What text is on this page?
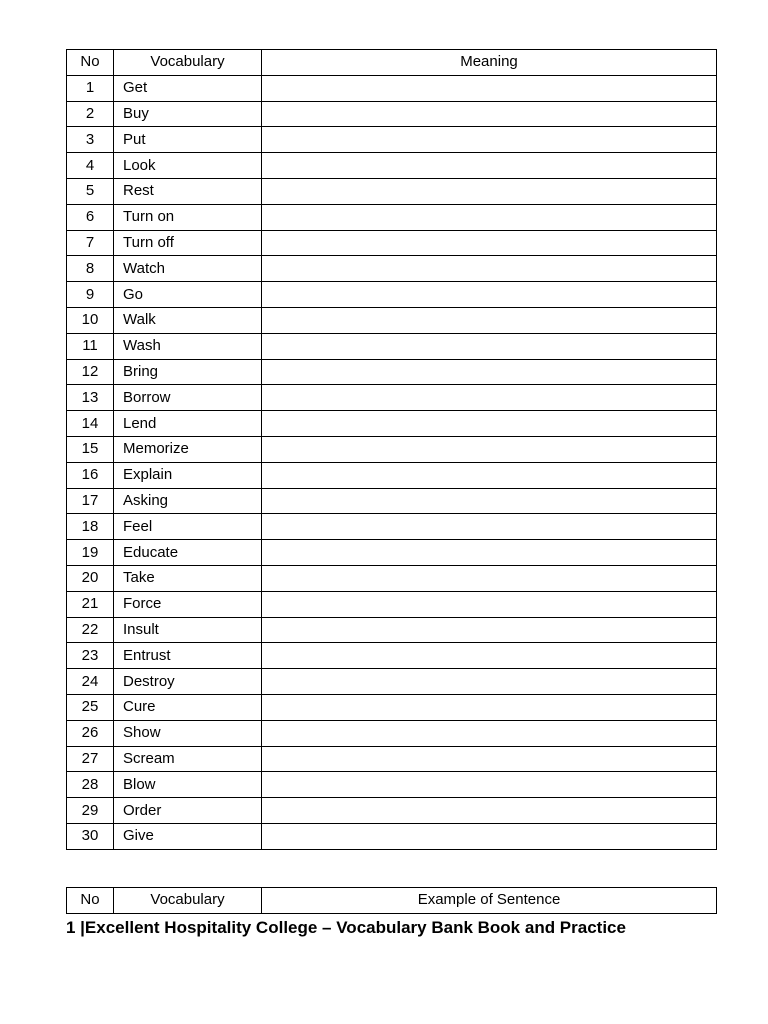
No	Vocabulary	Meaning
1	Get	
2	Buy	
3	Put	
4	Look	
5	Rest	
6	Turn on	
7	Turn off	
8	Watch	
9	Go	
10	Walk	
11	Wash	
12	Bring	
13	Borrow	
14	Lend	
15	Memorize	
16	Explain	
17	Asking	
18	Feel	
19	Educate	
20	Take	
21	Force	
22	Insult	
23	Entrust	
24	Destroy	
25	Cure	
26	Show	
27	Scream	
28	Blow	
29	Order	
30	Give	
No	Vocabulary	Example of Sentence
1 |Excellent Hospitality College – Vocabulary Bank Book and Practice
